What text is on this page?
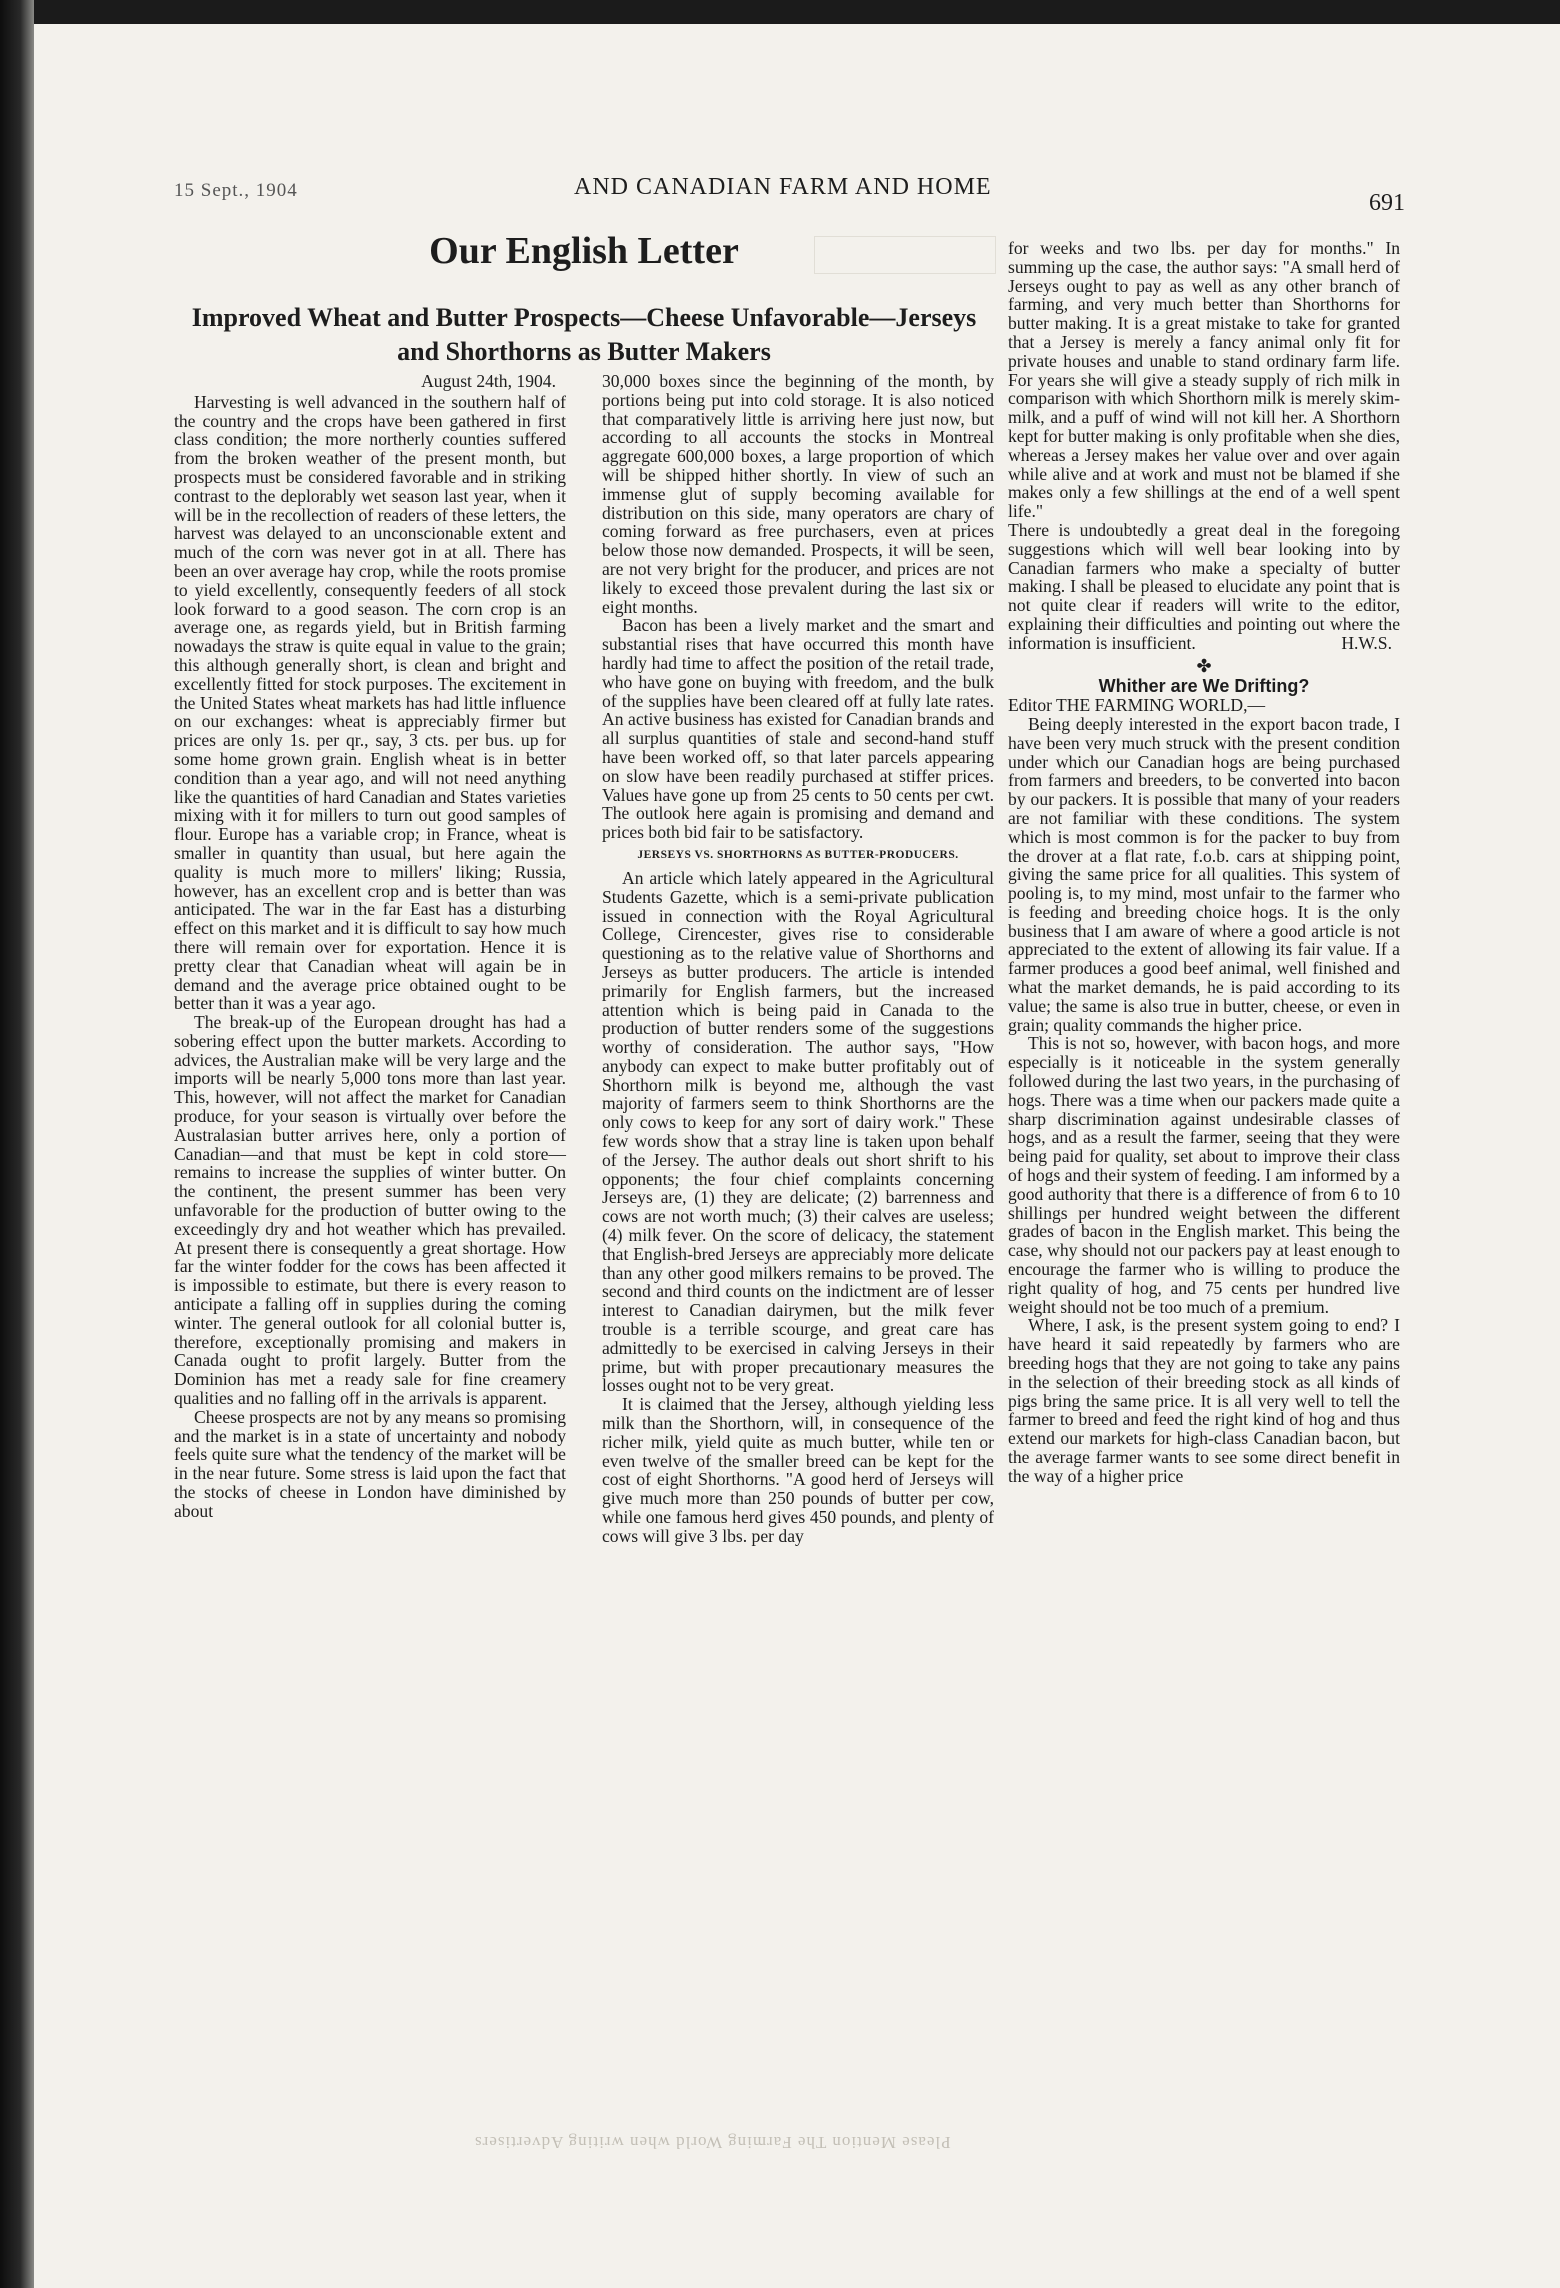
15 Sept., 1904	AND CANADIAN FARM AND HOME
691
Our English Letter
Improved Wheat and Butter Prospects—Cheese Unfavorable—Jerseys and Shorthorns as Butter Makers

August 24th, 1904.

Harvesting is well advanced in the southern half of the country and the crops have been gathered in first class condition; the more northerly counties suffered from the broken weather of the present month, but prospects must be considered favorable and in striking contrast to the deplorably wet season last year, when it will be in the recollection of readers of these letters, the harvest was delayed to an unconscionable extent and much of the corn was never got in at all. There has been an over average hay crop, while the roots promise to yield excellently, consequently feeders of all stock look forward to a good season. The corn crop is an average one, as regards yield, but in British farming nowadays the straw is quite equal in value to the grain; this although generally short, is clean and bright and excellently fitted for stock purposes. The excitement in the United States wheat markets has had little influence on our exchanges: wheat is appreciably firmer but prices are only 1s. per qr., say, 3 cts. per bus. up for some home grown grain. English wheat is in better condition than a year ago, and will not need anything like the quantities of hard Canadian and States varieties mixing with it for millers to turn out good samples of flour. Europe has a variable crop; in France, wheat is smaller in quantity than usual, but here again the quality is much more to millers' liking; Russia, however, has an excellent crop and is better than was anticipated. The war in the far East has a disturbing effect on this market and it is difficult to say how much there will remain over for exportation. Hence it is pretty clear that Canadian wheat will again be in demand and the average price obtained ought to be better than it was a year ago.

The break-up of the European drought has had a sobering effect upon the butter markets. According to advices, the Australian make will be very large and the imports will be nearly 5,000 tons more than last year. This, however, will not affect the market for Canadian produce, for your season is virtually over before the Australasian butter arrives here, only a portion of Canadian—and that must be kept in cold store—remains to increase the supplies of winter butter. On the continent, the present summer has been very unfavorable for the production of butter owing to the exceedingly dry and hot weather which has prevailed. At present there is consequently a great shortage. How far the winter fodder for the cows has been affected it is impossible to estimate, but there is every reason to anticipate a falling off in supplies during the coming winter. The general outlook for all colonial butter is, therefore, exceptionally promising and makers in Canada ought to profit largely. Butter from the Dominion has met a ready sale for fine creamery qualities and no falling off in the arrivals is apparent.

Cheese prospects are not by any means so promising and the market is in a state of uncertainty and nobody feels quite sure what the tendency of the market will be in the near future. Some stress is laid upon the fact that the stocks of cheese in London have diminished by about

30,000 boxes since the beginning of the month, by portions being put into cold storage. It is also noticed that comparatively little is arriving here just now, but according to all accounts the stocks in Montreal aggregate 600,000 boxes, a large proportion of which will be shipped hither shortly. In view of such an immense glut of supply becoming available for distribution on this side, many operators are chary of coming forward as free purchasers, even at prices below those now demanded. Prospects, it will be seen, are not very bright for the producer, and prices are not likely to exceed those prevalent during the last six or eight months.

Bacon has been a lively market and the smart and substantial rises that have occurred this month have hardly had time to affect the position of the retail trade, who have gone on buying with freedom, and the bulk of the supplies have been cleared off at fully late rates. An active business has existed for Canadian brands and all surplus quantities of stale and second-hand stuff have been worked off, so that later parcels appearing on slow have been readily purchased at stiffer prices. Values have gone up from 25 cents to 50 cents per cwt. The outlook here again is promising and demand and prices both bid fair to be satisfactory.

JERSEYS VS. SHORTHORNS AS BUTTER-PRODUCERS.

An article which lately appeared in the Agricultural Students Gazette, which is a semi-private publication issued in connection with the Royal Agricultural College, Cirencester, gives rise to considerable questioning as to the relative value of Shorthorns and Jerseys as butter producers. The article is intended primarily for English farmers, but the increased attention which is being paid in Canada to the production of butter renders some of the suggestions worthy of consideration. The author says, "How anybody can expect to make butter profitably out of Shorthorn milk is beyond me, although the vast majority of farmers seem to think Shorthorns are the only cows to keep for any sort of dairy work." These few words show that a stray line is taken upon behalf of the Jersey. The author deals out short shrift to his opponents; the four chief complaints concerning Jerseys are, (1) they are delicate; (2) barrenness and cows are not worth much; (3) their calves are useless; (4) milk fever. On the score of delicacy, the statement that English-bred Jerseys are appreciably more delicate than any other good milkers remains to be proved. The second and third counts on the indictment are of lesser interest to Canadian dairymen, but the milk fever trouble is a terrible scourge, and great care has admittedly to be exercised in calving Jerseys in their prime, but with proper precautionary measures the losses ought not to be very great.

It is claimed that the Jersey, although yielding less milk than the Shorthorn, will, in consequence of the richer milk, yield quite as much butter, while ten or even twelve of the smaller breed can be kept for the cost of eight Shorthorns. "A good herd of Jerseys will give much more than 250 pounds of butter per cow, while one famous herd gives 450 pounds, and plenty of cows will give 3 lbs. per day

for weeks and two lbs. per day for months." In summing up the case, the author says: "A small herd of Jerseys ought to pay as well as any other branch of farming, and very much better than Shorthorns for butter making. It is a great mistake to take for granted that a Jersey is merely a fancy animal only fit for private houses and unable to stand ordinary farm life. For years she will give a steady supply of rich milk in comparison with which Shorthorn milk is merely skim-milk, and a puff of wind will not kill her. A Shorthorn kept for butter making is only profitable when she dies, whereas a Jersey makes her value over and over again while alive and at work and must not be blamed if she makes only a few shillings at the end of a well spent life."

There is undoubtedly a great deal in the foregoing suggestions which will well bear looking into by Canadian farmers who make a specialty of butter making. I shall be pleased to elucidate any point that is not quite clear if readers will write to the editor, explaining their difficulties and pointing out where the information is insufficient.	H.W.S.

✤

Whither are We Drifting?

Editor THE FARMING WORLD,—

Being deeply interested in the export bacon trade, I have been very much struck with the present condition under which our Canadian hogs are being purchased from farmers and breeders, to be converted into bacon by our packers. It is possible that many of your readers are not familiar with these conditions. The system which is most common is for the packer to buy from the drover at a flat rate, f.o.b. cars at shipping point, giving the same price for all qualities. This system of pooling is, to my mind, most unfair to the farmer who is feeding and breeding choice hogs. It is the only business that I am aware of where a good article is not appreciated to the extent of allowing its fair value. If a farmer produces a good beef animal, well finished and what the market demands, he is paid according to its value; the same is also true in butter, cheese, or even in grain; quality commands the higher price.

This is not so, however, with bacon hogs, and more especially is it noticeable in the system generally followed during the last two years, in the purchasing of hogs. There was a time when our packers made quite a sharp discrimination against undesirable classes of hogs, and as a result the farmer, seeing that they were being paid for quality, set about to improve their class of hogs and their system of feeding. I am informed by a good authority that there is a difference of from 6 to 10 shillings per hundred weight between the different grades of bacon in the English market. This being the case, why should not our packers pay at least enough to encourage the farmer who is willing to produce the right quality of hog, and 75 cents per hundred live weight should not be too much of a premium.

Where, I ask, is the present system going to end? I have heard it said repeatedly by farmers who are breeding hogs that they are not going to take any pains in the selection of their breeding stock as all kinds of pigs bring the same price. It is all very well to tell the farmer to breed and feed the right kind of hog and thus extend our markets for high-class Canadian bacon, but the average farmer wants to see some direct benefit in the way of a higher price

Please Mention The Farming World when writing Advertisers
